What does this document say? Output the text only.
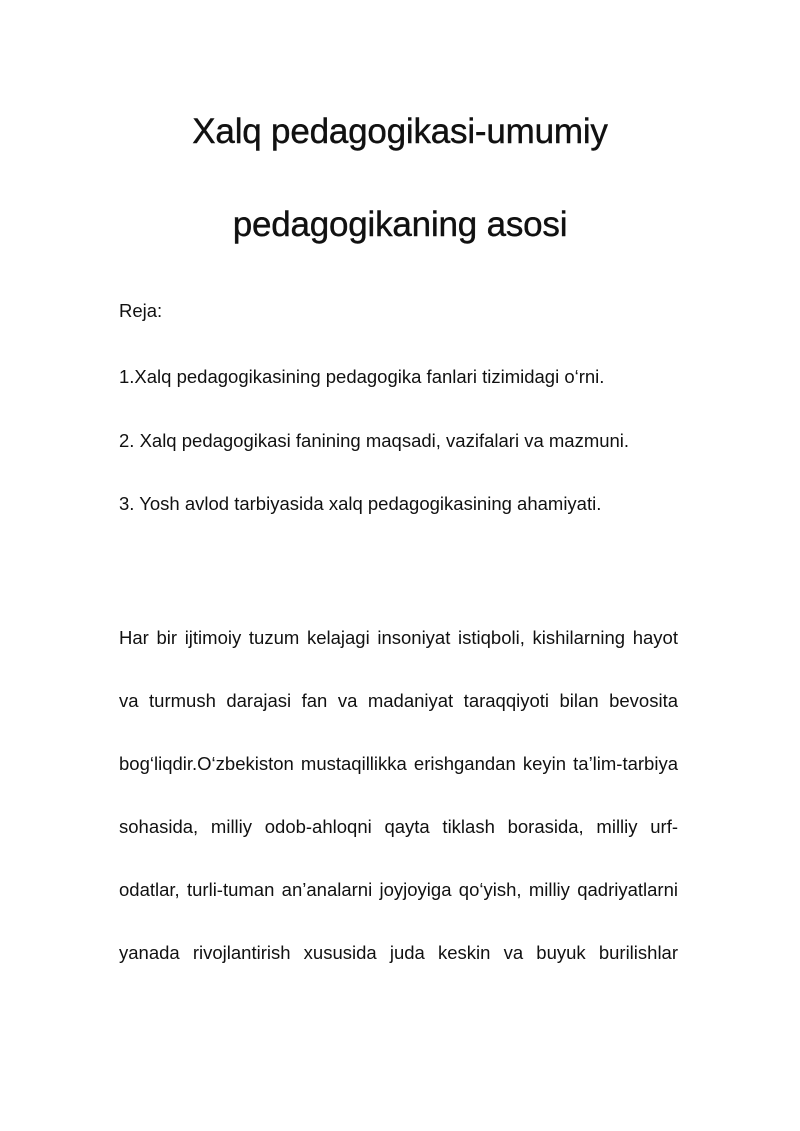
Xalq pedagogikasi-umumiy
pedagogikaning asosi

Reja:

1.Xalq pedagogikasining pedagogika fanlari tizimidagi o‘rni.

2. Xalq pedagogikasi fanining maqsadi, vazifalari va mazmuni.

3. Yosh avlod tarbiyasida xalq pedagogikasining ahamiyati.

Har bir ijtimoiy tuzum kelajagi insoniyat istiqboli, kishilarning hayot
va turmush darajasi fan va madaniyat taraqqiyoti bilan bevosita
bog‘liqdir.O‘zbekiston mustaqillikka erishgandan keyin ta’lim-tarbiya
sohasida, milliy odob-ahloqni qayta tiklash borasida, milliy urf-
odatlar, turli-tuman an’analarni joyjoyiga qo‘yish, milliy qadriyatlarni
yanada rivojlantirish xususida juda keskin va buyuk burilishlar
